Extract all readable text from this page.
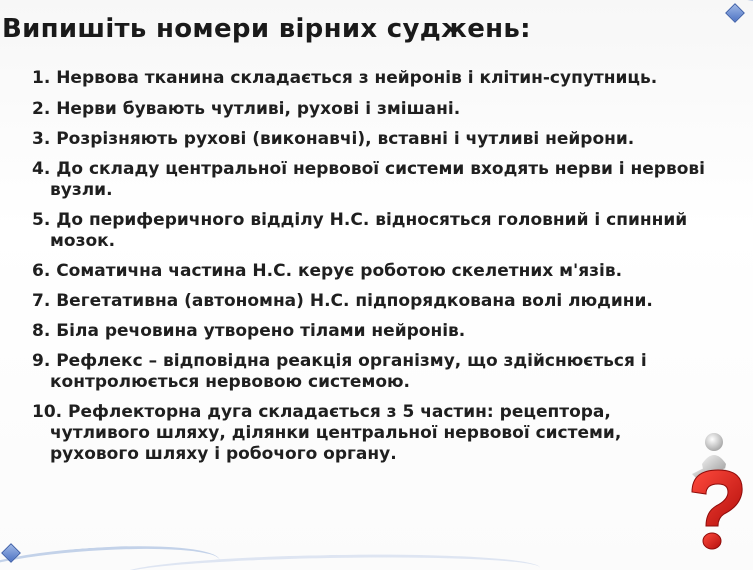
Випишіть номери вірних суджень:
1. Нервова тканина складається з нейронів і клітин-супутниць.
2. Нерви бувають чутливі, рухові і змішані.
3. Розрізняють рухові (виконавчі), вставні і чутливі нейрони.
4. До складу центральної нервової системи входять нерви і нервові вузли.
5. До периферичного відділу Н.С. відносяться головний і спинний мозок.
6. Соматична частина Н.С. керує роботою скелетних м'язів.
7. Вегетативна (автономна) Н.С. підпорядкована волі людини.
8. Біла речовина утворено тілами нейронів.
9. Рефлекс – відповідна реакція організму, що здійснюється і контролюється нервовою системою.
10. Рефлекторна дуга складається з 5 частин: рецептора, чутливого шляху, ділянки центральної нервової системи, рухового шляху і робочого органу.
